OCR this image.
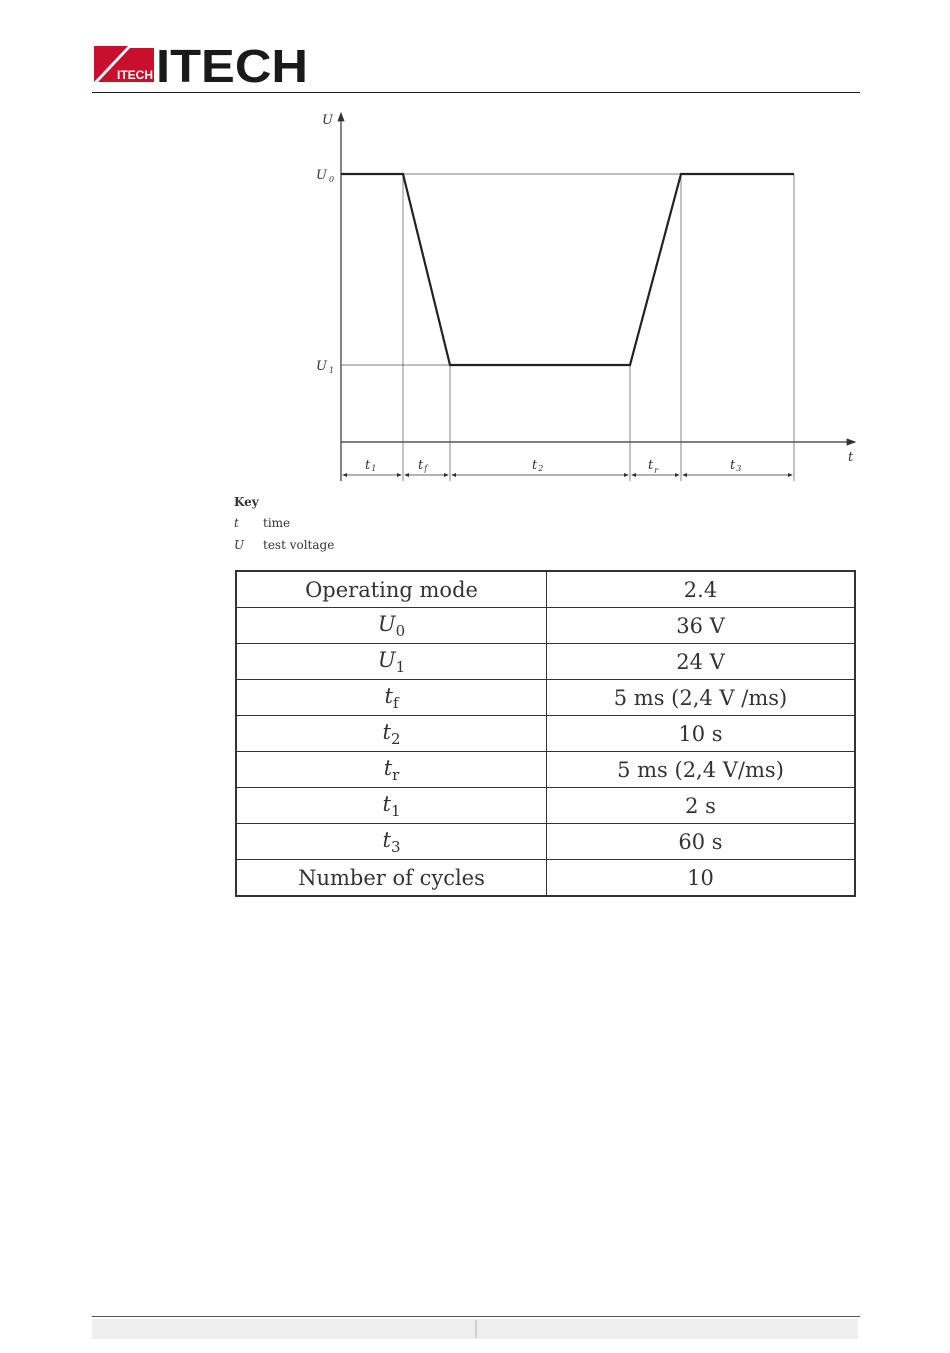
ITECH ITECH
U
t
U $_0$
U $_1$
t1	tf	t2	$t_r$	t3
Key
t time
U test voltage
Operating mode	2.4
$U_0$	36 V
$U_1$	24 V
$t_f$	5 ms (2,4 V /ms)
$t_2$	10 s
$t_r$	5 ms (2,4 V/ms)
$t_1$	2 s
$t_3$	60 s
Number of cycles	10
